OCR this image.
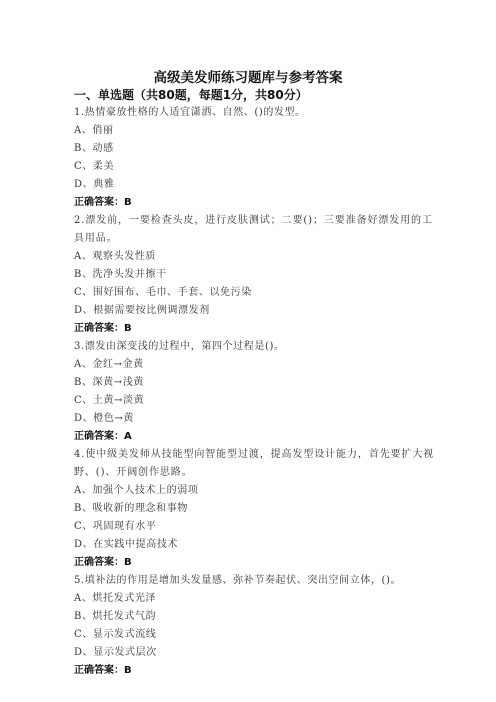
高级美发师练习题库与参考答案
一、单选题（共80题，每题1分，共80分）
1.热情豪放性格的人适宜潇洒、自然、()的发型。
A、俏丽
B、动感
C、柔美
D、典雅
正确答案：B
2.漂发前，一要检查头皮，进行皮肤测试；二要()；三要准备好漂发用的工具用品。
A、观察头发性质
B、洗净头发并擦干
C、围好围布、毛巾、手套、以免污染
D、根据需要按比例调漂发剂
正确答案：B
3.漂发由深变浅的过程中，第四个过程是()。
A、金红→金黄
B、深黄→浅黄
C、土黄→淡黄
D、橙色→黄
正确答案：A
4.使中级美发师从技能型向智能型过渡，提高发型设计能力，首先要扩大视野、()、开阔创作思路。
A、加强个人技术上的弱项
B、吸收新的理念和事物
C、巩固现有水平
D、在实践中提高技术
正确答案：B
5.填补法的作用是增加头发量感、弥补节奏起伏、突出空间立体，()。
A、烘托发式光泽
B、烘托发式气韵
C、显示发式流线
D、显示发式层次
正确答案：B
